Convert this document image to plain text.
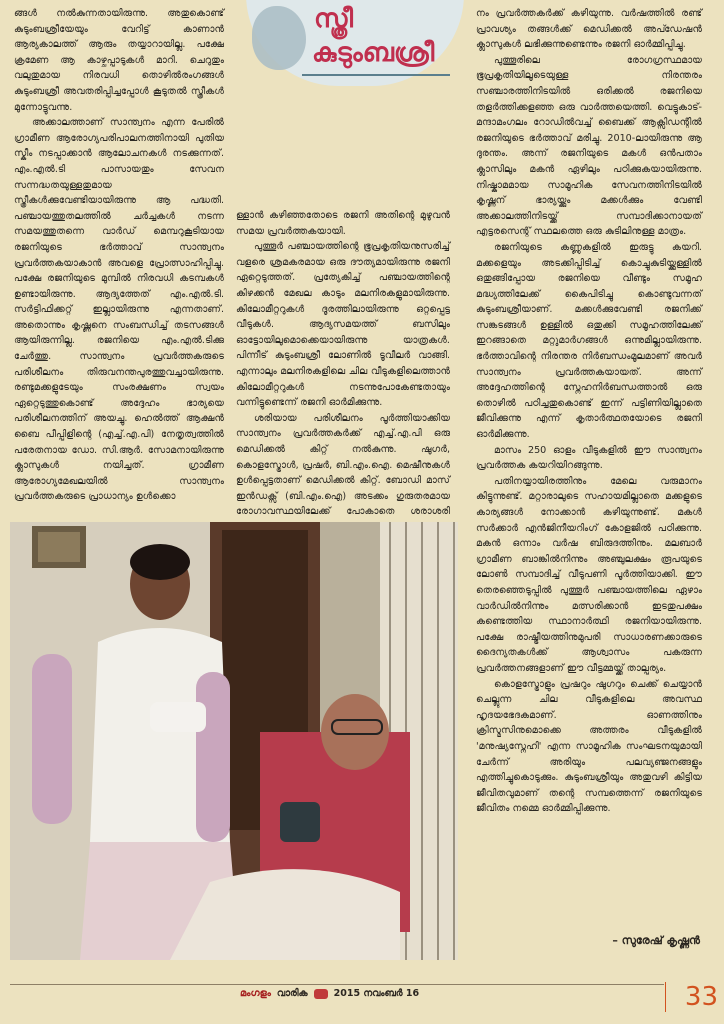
സ്ത്രീ
കുടുംബശ്രീ

ങ്ങൾ നൽകുന്നതായിരുന്നു. അതുകൊണ്ട് കുടുംബശ്രീയേയും വേറിട്ട് കാണാൻ ആര്യകാലത്ത് ആരും തയ്യാറായില്ല. പക്ഷേ ക്രമേണ ആ കാഴ്ചപ്പാടുകൾ മാറി. ചെറുതും വലുതുമായ നിരവധി തൊഴിൽരംഗങ്ങൾ കുടുംബശ്രീ അവതരിപ്പിച്ചപ്പോൾ കൂടുതൽ സ്ത്രീകൾ മുന്നോട്ടുവന്നു.

അക്കാലത്താണ് സാന്ത്വനം എന്ന പേരിൽ ഗ്രാമീണ ആരോഗ്യപരിപാലനത്തിനായി പുതിയ സ്കീം നടപ്പാക്കാൻ ആലോചനകൾ നടക്കുന്നത്. എം.എൽ.ടി പാസായതും സേവന സന്നദ്ധതയുള്ളതുമായ സ്ത്രീകൾക്കുവേണ്ടിയായിരുന്നു ആ പദ്ധതി. പഞ്ചായത്തുതലത്തിൽ ചർച്ചകൾ നടന്ന സമയത്തുതന്നെ വാർഡ് മെമ്പറുകൂടിയായ രജനിയുടെ ഭർത്താവ് സാന്ത്വനം പ്രവർത്തകയാകാൻ അവളെ പ്രോത്സാഹിപ്പിച്ചു. പക്ഷേ രജനിയുടെ മുമ്പിൽ നിരവധി കടമ്പകൾ ഉണ്ടായിരുന്നു. ആദ്യത്തേത് എം.എൽ.ടി. സർട്ടിഫിക്കറ്റ് ഇല്ലായിരുന്നു എന്നതാണ്. അതൊന്നും കൃഷ്ണനെ സംബന്ധിച്ച് തടസങ്ങൾ ആയിരുന്നില്ല. രജനിയെ എം.എൽ.ടിക്കു ചേർത്തു. സാന്ത്വനം പ്രവർത്തകരുടെ പരിശീലനം തിരുവനന്തപുരത്തുവച്ചായിരുന്നു. രണ്ടുമക്കളുടേയും സംരക്ഷണം സ്വയം ഏറ്റെടുത്തുകൊണ്ട് അദ്ദേഹം ഭാര്യയെ പരിശീലനത്തിന് അയച്ചു. ഹെൽത്ത് ആക്ഷൻ ബൈ പീപ്പിളിന്റെ (എച്ച്.എ.പി) നേതൃത്വത്തിൽ പരേതനായ ഡോ. സി.ആർ. സോമനായിരുന്നു ക്ലാസുകൾ നയിച്ചത്. ഗ്രാമീണ ആരോഗ്യമേഖലയിൽ സാന്ത്വനം പ്രവർത്തകരുടെ പ്രാധാന്യം ഉൾക്കൊ

ള്ളാൻ കഴിഞ്ഞതോടെ രജനി അതിന്റെ മുഴുവൻ സമയ പ്രവർത്തകയായി.

പുത്തൂർ പഞ്ചായത്തിന്റെ ഭൂപ്രകൃതിയനുസരിച്ച് വളരെ ശ്രമകരമായ ഒരു ദൗത്യമായിരുന്നു രജനി ഏറ്റെടുത്തത്. പ്രത്യേകിച്ച് പഞ്ചായത്തിന്റെ കിഴക്കൻ മേഖല കാടും മലനിരകളുമായിരുന്നു. കിലോമീറ്ററുകൾ ദൂരത്തിലായിരുന്നു ഒറ്റപ്പെട്ട വീടുകൾ. ആദ്യസമയത്ത് ബസിലും ഓട്ടോയിലുമൊക്കെയായിരുന്നു യാത്രകൾ. പിന്നീട് കുടുംബശ്രീ ലോണിൽ ടൂവീലർ വാങ്ങി. എന്നാലും മലനിരകളിലെ ചില വീടുകളിലെത്താൻ കിലോമീറ്ററുകൾ നടന്നുപോകേണ്ടതായും വന്നിട്ടുണ്ടെന്ന് രജനി ഓർമിക്കുന്നു.

ശരിയായ പരിശീലനം പൂർത്തിയാക്കിയ സാന്ത്വനം പ്രവർത്തകർക്ക് എച്ച്.എ.പി ഒരു മെഡിക്കൽ കിറ്റ് നൽകുന്നു. ഷുഗർ, കൊളസ്ട്രോൾ, പ്രഷർ, ബി.എം.ഐ. മെഷീനുകൾ ഉൾപ്പെട്ടതാണ് മെഡിക്കൽ കിറ്റ്. ബോഡി മാസ് ഇൻഡക്സ് (ബി.എം.ഐ) അടക്കം ഗുരുതരമായ രോഗാവസ്ഥയിലേക്ക് പോകാതെ ശരാശരി

നം പ്രവർത്തകർക്ക് കഴിയുന്നു. വർഷത്തിൽ രണ്ട് പ്രാവശ്യം തങ്ങൾക്ക് മെഡിക്കൽ അപ്ഡേഷൻ ക്ലാസുകൾ ലഭിക്കുന്നുണ്ടെന്നും രജനി ഓർമ്മിപ്പിച്ചു.

പുത്തൂരിലെ രോഗഗ്രസ്ഥമായ ഭൂപ്രകൃതിയിലൂടെയുള്ള നിരന്തരം സഞ്ചാരത്തിനിടയിൽ ഒരിക്കൽ രജനിയെ തളർത്തിക്കളഞ്ഞ ഒരു വാർത്തയെത്തി. വെട്ടുകാട്-മന്ദാമംഗലം റോഡിൽവച്ച് ബൈക്ക് ആക്സിഡന്റിൽ രജനിയുടെ ഭർത്താവ് മരിച്ചു. 2010-ലായിരുന്നു ആ ദുരന്തം. അന്ന് രജനിയുടെ മകൾ ഒൻപതാം ക്ലാസിലും മകൻ ഏഴിലും പഠിക്കുകയായിരുന്നു. നിഷ്കാമമായ സാമൂഹിക സേവനത്തിനിടയിൽ കൃഷ്ണന് ഭാര്യയ്ക്കും മക്കൾക്കും വേണ്ടി അക്കാലത്തിനിടയ്ക്ക് സമ്പാദിക്കാനായത് എട്ടരസെന്റ് സ്ഥലത്തെ ഒരു കുടിലിനുള്ള മാത്രം.

രജനിയുടെ കണ്ണുകളിൽ ഇരുട്ടു കയറി. മക്കളെയും അടക്കിപ്പിടിച്ച് കൊച്ചുകുടിയ്ക്കുള്ളിൽ ഒതുങ്ങിപ്പോയ രജനിയെ വീണ്ടും സമൂഹ മദ്ധ്യത്തിലേക്ക് കൈപിടിച്ചു കൊണ്ടുവന്നത് കുടുംബശ്രീയാണ്. മക്കൾക്കുവേണ്ടി രജനിക്ക് സങ്കടങ്ങൾ ഉള്ളിൽ ഒതുക്കി സമൂഹത്തിലേക്ക് ഇറങ്ങാതെ മറ്റുമാർഗങ്ങൾ ഒന്നുമില്ലായിരുന്നു. ഭർത്താവിന്റെ നിരന്തര നിർബന്ധംമൂലമാണ് അവർ സാന്ത്വനം പ്രവർത്തകയായത്. അന്ന് അദ്ദേഹത്തിന്റെ സ്നേഹനിർബന്ധത്താൽ ഒരു തൊഴിൽ പഠിച്ചതുകൊണ്ട് ഇന്ന് പട്ടിണിയില്ലാതെ ജീവിക്കുന്നു എന്ന് കൃതാർത്ഥതയോടെ രജനി ഓർമിക്കുന്നു.

മാസം 250 ഓളം വീടുകളിൽ ഈ സാന്ത്വനം പ്രവർത്തക കയറിയിറങ്ങുന്നു.

പതിനയ്യായിരത്തിനും മേലെ വരുമാനം കിട്ടുന്നുണ്ട്. മറ്റാരാലുടെ സഹായമില്ലാതെ മക്കളുടെ കാര്യങ്ങൾ നോക്കാൻ കഴിയുന്നുണ്ട്. മകൾ സർക്കാർ എൻജിനീയറിംഗ് കോളജിൽ പഠിക്കുന്നു. മകൻ ഒന്നാം വർഷ ബിരുദത്തിനും. മലബാർ ഗ്രാമീണ ബാങ്കിൽനിന്നും അഞ്ചുലക്ഷം രൂപയുടെ ലോൺ സമ്പാദിച്ച് വീടുപണി പൂർത്തിയാക്കി. ഈ തെരഞ്ഞെടുപ്പിൽ പുത്തൂർ പഞ്ചായത്തിലെ ഏഴാം വാർഡിൽനിന്നും മത്സരിക്കാൻ ഇടതുപക്ഷം കണ്ടെത്തിയ സ്ഥാനാർത്ഥി രജനിയായിരുന്നു. പക്ഷേ രാഷ്ട്രീയത്തിനുമുപരി സാധാരണക്കാരുടെ ദൈന്യതകൾക്ക് ആശ്വാസം പകരുന്ന പ്രവർത്തനങ്ങളാണ് ഈ വീട്ടമ്മയ്ക്ക് താല്പര്യം.

കൊളസ്ട്രോളും പ്രഷറും ഷുഗറും ചെക്ക് ചെയ്യാൻ ചെല്ലുന്ന ചില വീടുകളിലെ അവസ്ഥ ഹൃദയഭേദകമാണ്. ഓണത്തിനും ക്രിസ്മസിനുമൊക്കെ അത്തരം വീടുകളിൽ 'മനുഷ്യസ്നേഹി' എന്ന സാമൂഹിക സംഘടനയുമായി ചേർന്ന് അരിയും പലവ്യഞ്ജനങ്ങളും എത്തിച്ചുകൊടുക്കും. കുടുംബശ്രീയും അതുവഴി കിട്ടിയ ജീവിതവുമാണ് തന്റെ സമ്പത്തെന്ന് രജനിയുടെ ജീവിതം നമ്മെ ഓർമ്മിപ്പിക്കുന്നു.

– സുരേഷ് കൃഷ്ണൻ
മംഗളം വാരിക	2015 നവംബർ 16	33
